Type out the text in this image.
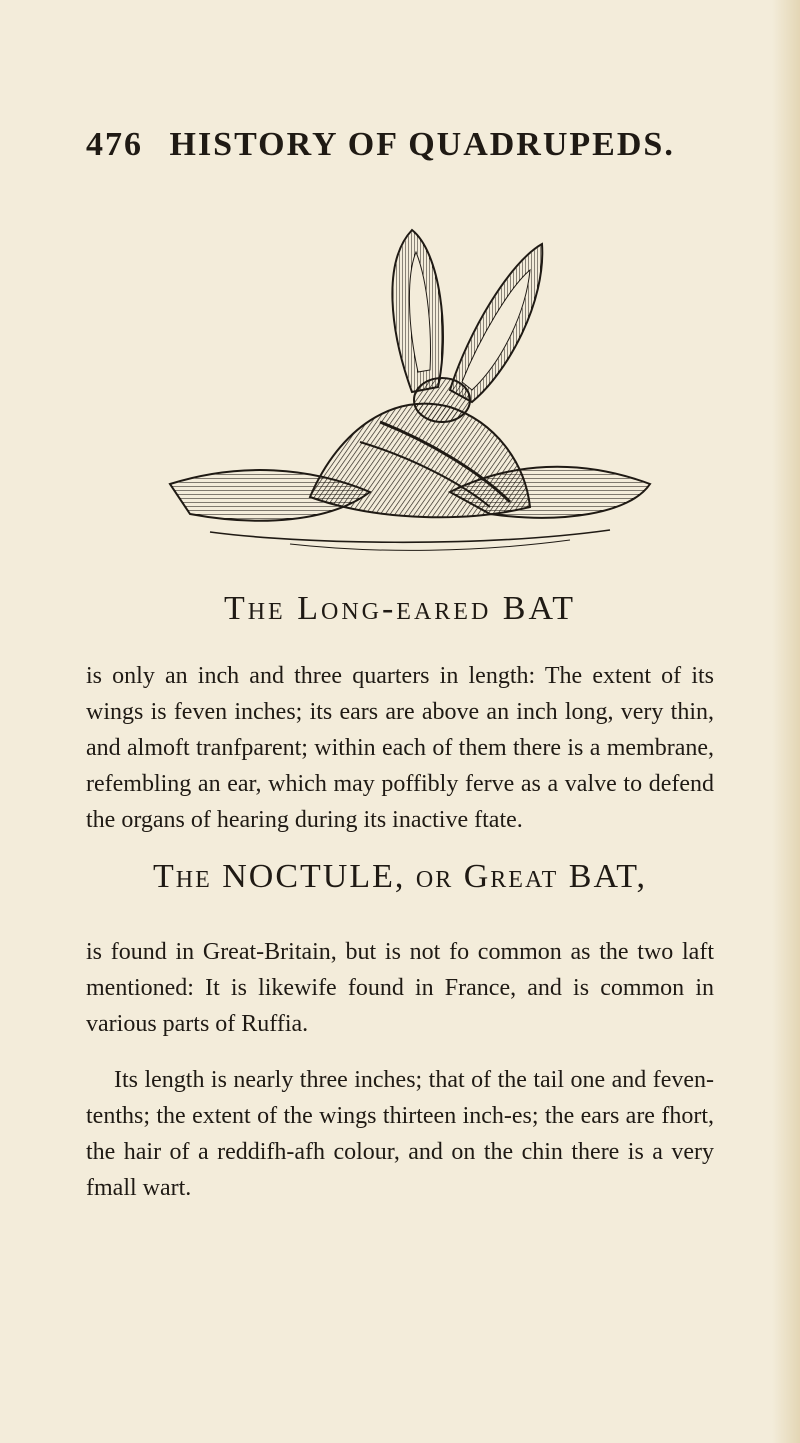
476 HISTORY OF QUADRUPEDS.
The Long-eared BAT
is only an inch and three quarters in length: The extent of its wings is feven inches; its ears are above an inch long, very thin, and almoft tranfparent; within each of them there is a membrane, refembling an ear, which may poffibly ferve as a valve to defend the organs of hearing during its inactive ftate.
The NOCTULE, or Great BAT,
is found in Great-Britain, but is not fo common as the two laft mentioned: It is likewife found in France, and is common in various parts of Ruffia.
Its length is nearly three inches; that of the tail one and feven-tenths; the extent of the wings thirteen inch-es; the ears are fhort, the hair of a reddifh-afh colour, and on the chin there is a very fmall wart.
